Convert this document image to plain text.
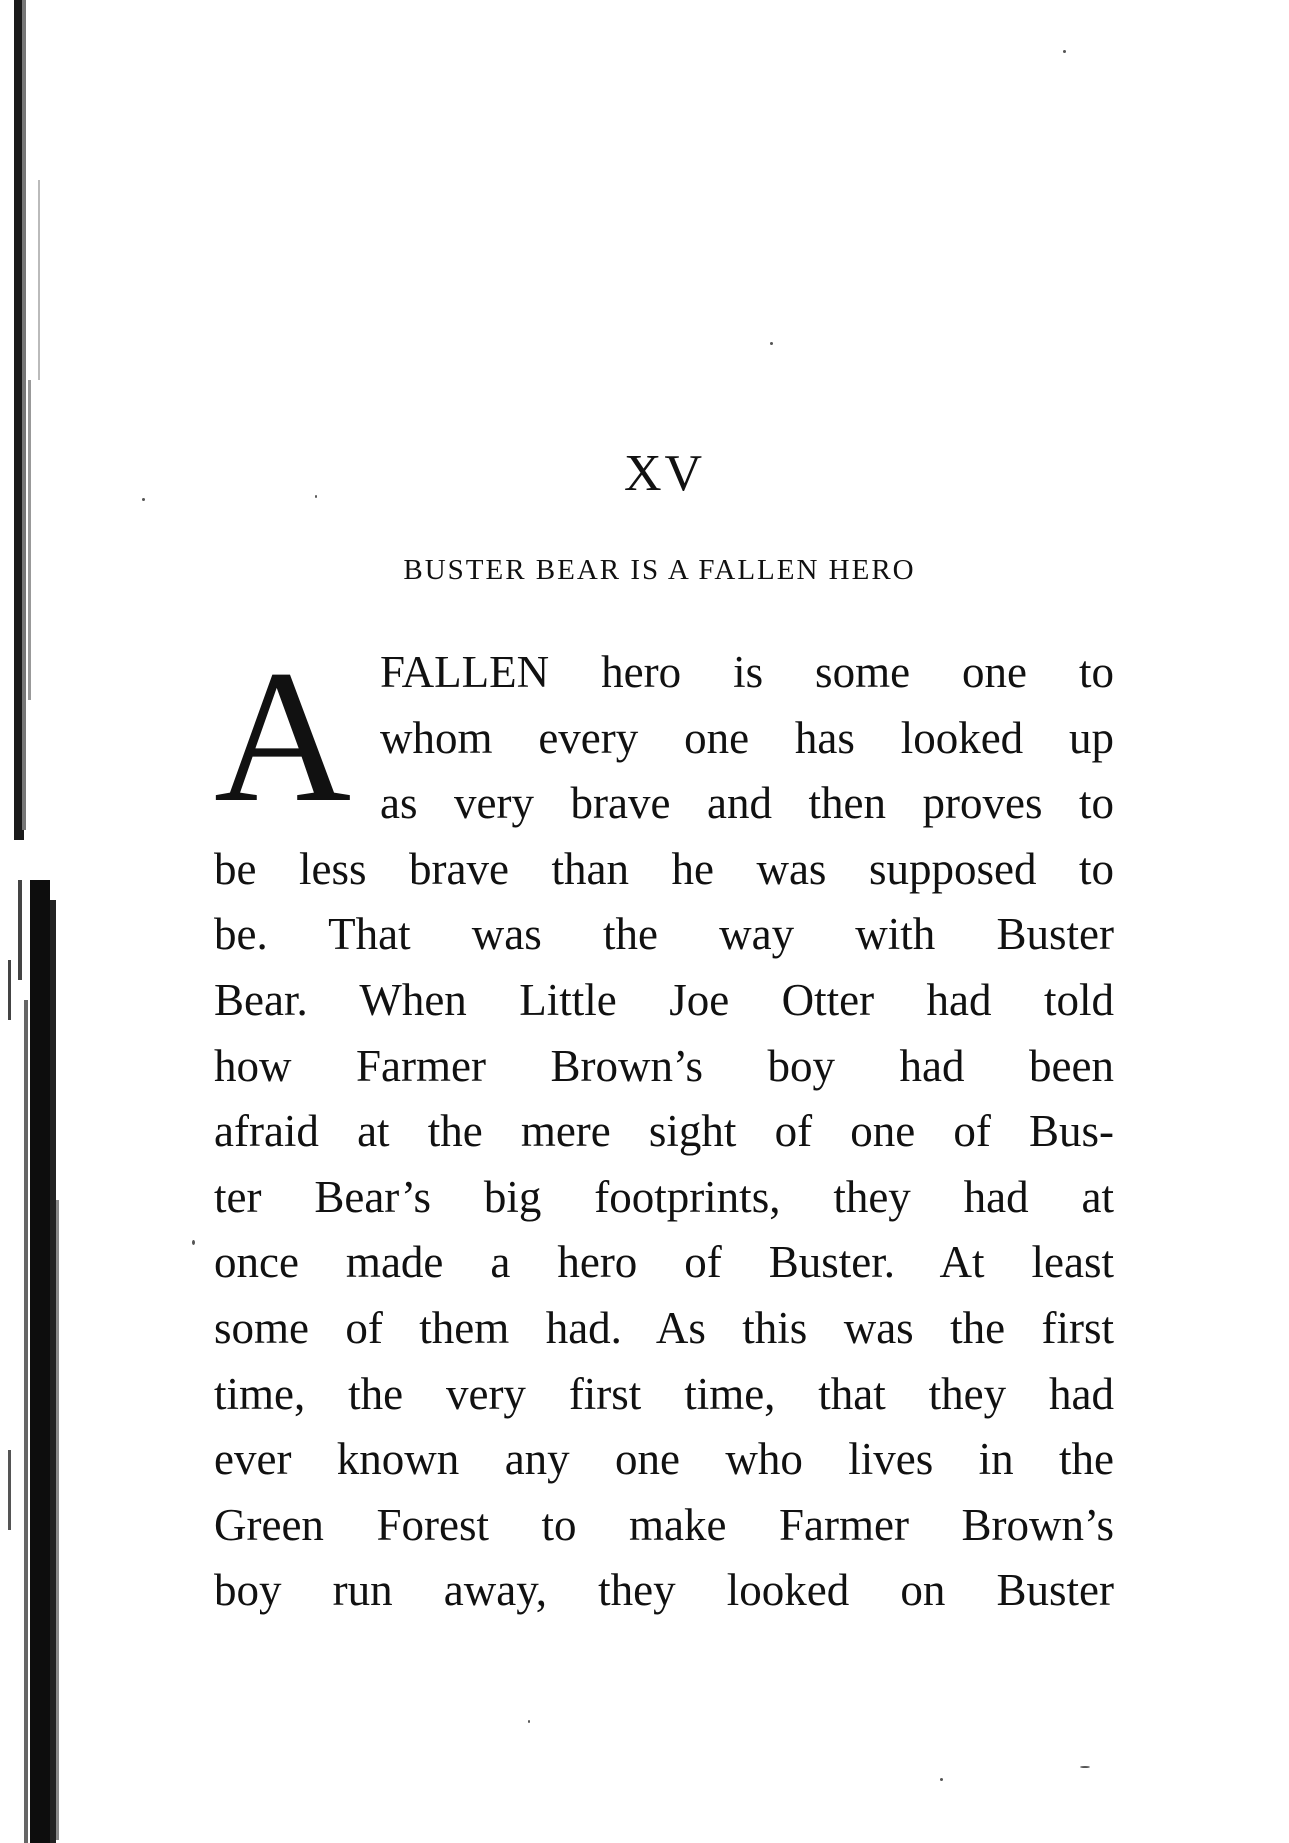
XV
BUSTER BEAR IS A FALLEN HERO
A FALLEN hero is some one to
whom every one has looked up
as very brave and then proves to
be less brave than he was supposed to
be. That was the way with Buster
Bear. When Little Joe Otter had told
how Farmer Brown’s boy had been
afraid at the mere sight of one of Bus-
ter Bear’s big footprints, they had at
once made a hero of Buster. At least
some of them had. As this was the first
time, the very first time, that they had
ever known any one who lives in the
Green Forest to make Farmer Brown’s
boy run away, they looked on Buster
